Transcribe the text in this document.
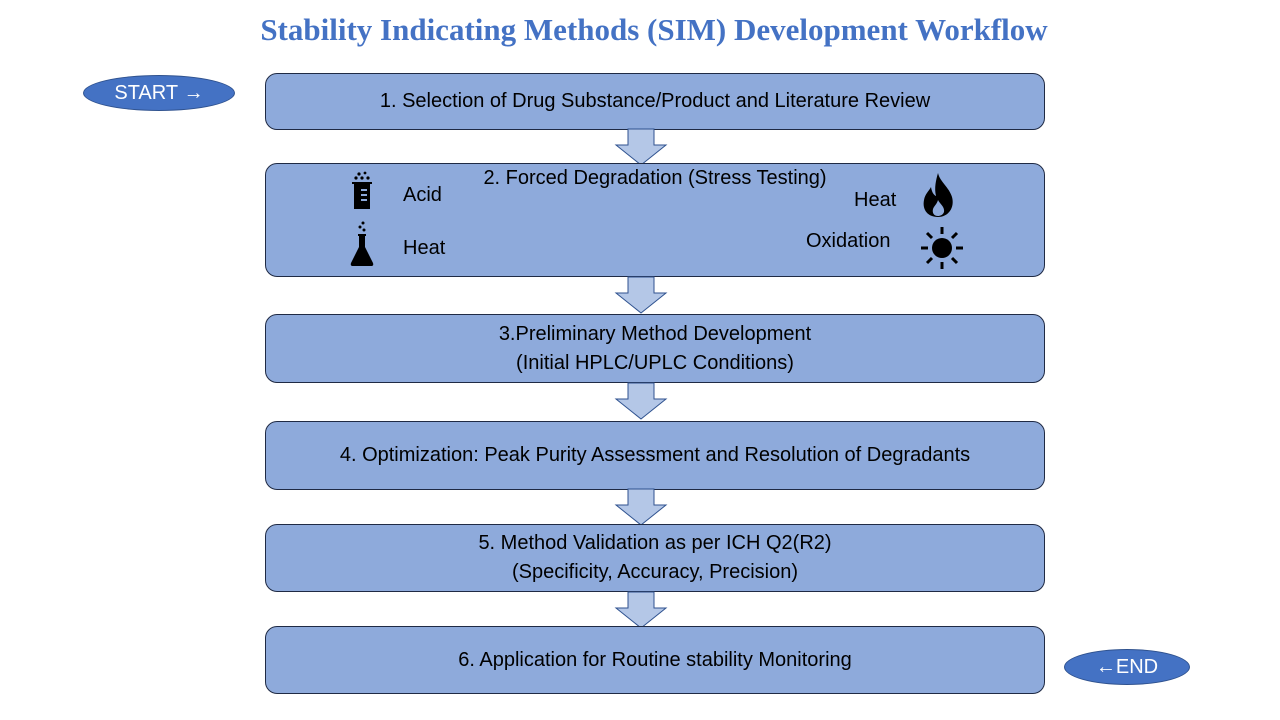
Stability Indicating Methods (SIM) Development Workflow
START
→	1. Selection of Drug Substance/Product and Literature Review
2. Forced Degradation (Stress Testing)
Acid
Heat
Heat
Oxidation
3.Preliminary Method Development
(Initial HPLC/UPLC Conditions)
4. Optimization: Peak Purity Assessment and Resolution of Degradants
5. Method Validation as per ICH Q2(R2)
(Specificity, Accuracy, Precision)
6. Application for Routine stability Monitoring	← END
